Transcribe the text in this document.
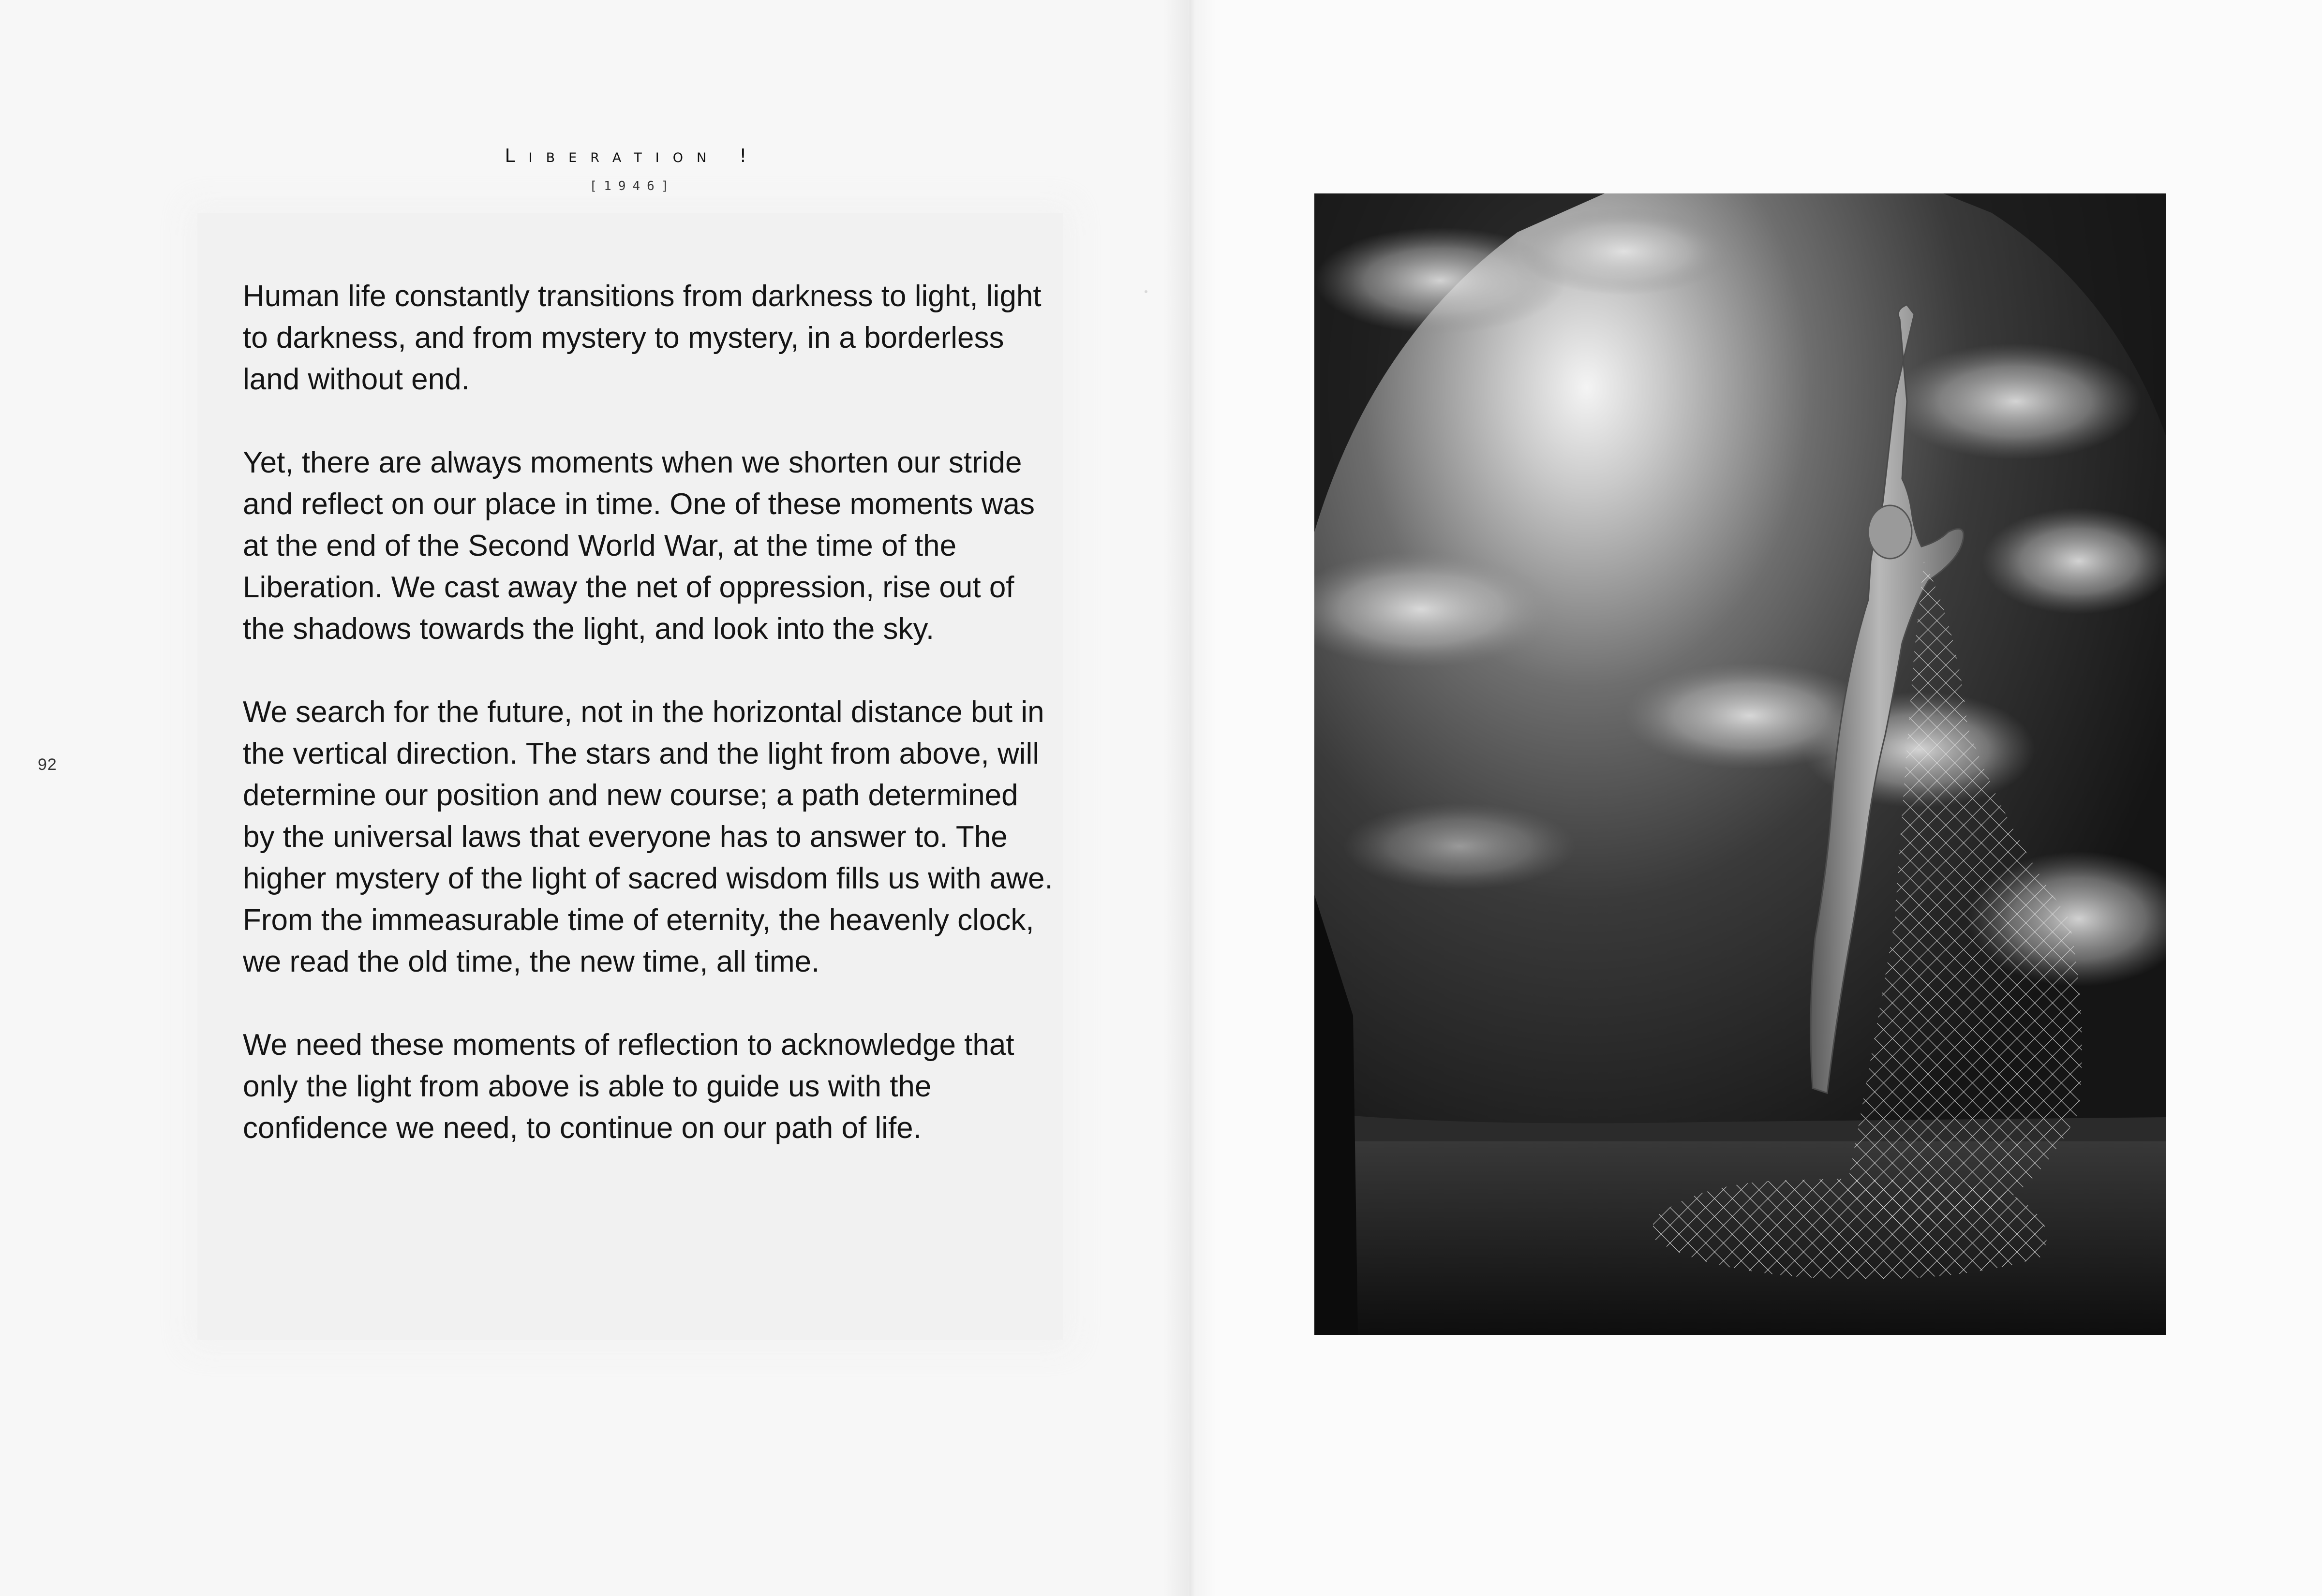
Liberation !
[1946]

Human life constantly transitions from darkness to light, light to darkness, and from mystery to mystery, in a borderless land without end.

Yet, there are always moments when we shorten our stride and reflect on our place in time. One of these moments was at the end of the Second World War, at the time of the Liberation. We cast away the net of oppression, rise out of the shadows towards the light, and look into the sky.

We search for the future, not in the horizontal distance but in the vertical direction. The stars and the light from above, will determine our position and new course; a path determined by the universal laws that everyone has to answer to. The higher mystery of the light of sacred wisdom fills us with awe. From the immeasurable time of eternity, the heavenly clock, we read the old time, the new time, all time.

We need these moments of reflection to acknowledge that only the light from above is able to guide us with the confidence we need, to continue on our path of life.

92
